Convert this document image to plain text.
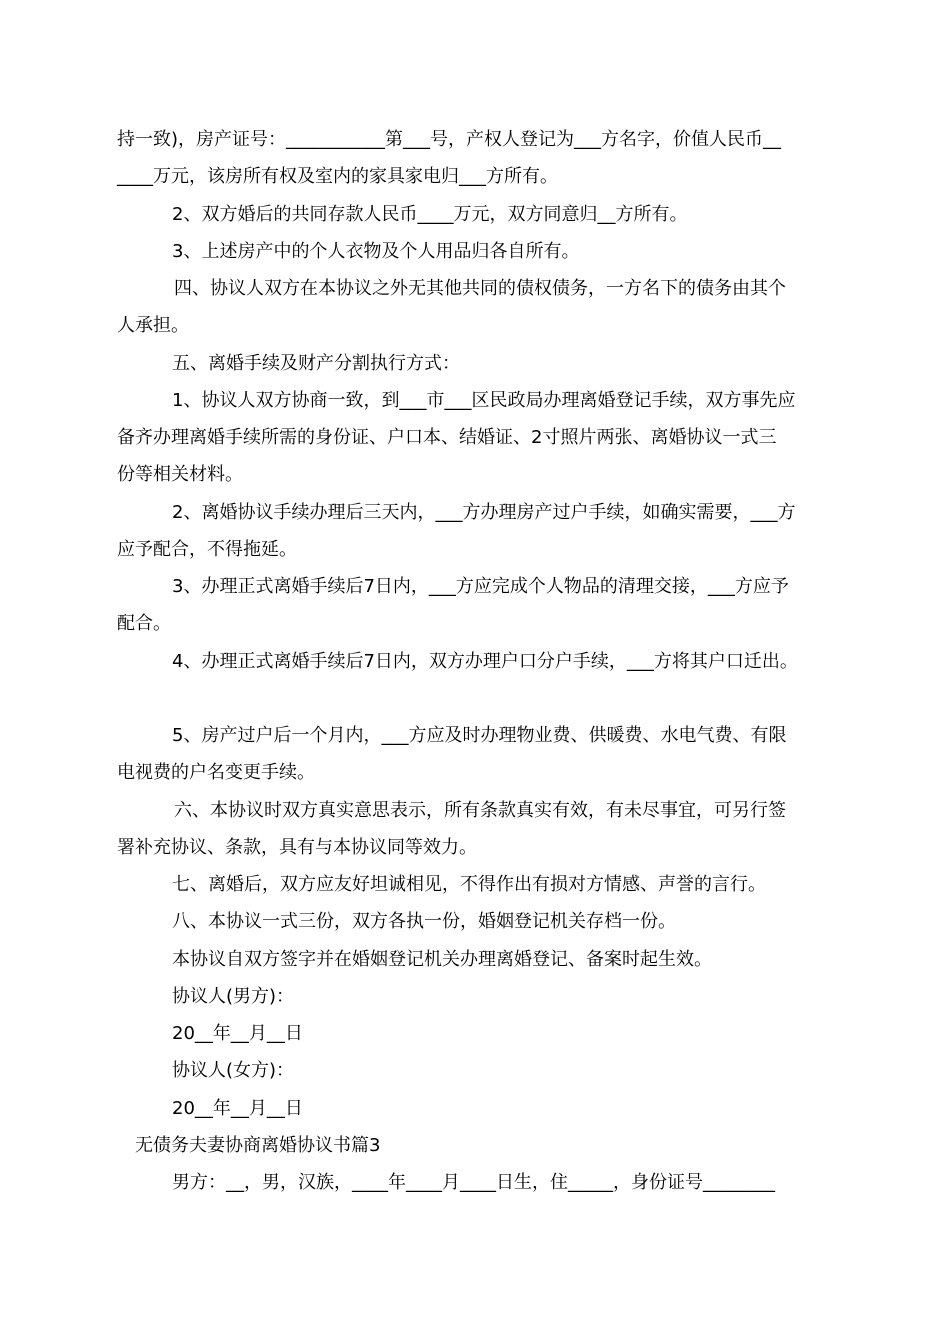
持一致)，房产证号：___________第___号，产权人登记为___方名字，价值人民币__

____万元，该房所有权及室内的家具家电归___方所有。

2、双方婚后的共同存款人民币____万元，双方同意归__方所有。

3、上述房产中的个人衣物及个人用品归各自所有。

四、协议人双方在本协议之外无其他共同的债权债务，一方名下的债务由其个

人承担。

五、离婚手续及财产分割执行方式：

1、协议人双方协商一致，到___市___区民政局办理离婚登记手续，双方事先应

备齐办理离婚手续所需的身份证、户口本、结婚证、2寸照片两张、离婚协议一式三

份等相关材料。

2、离婚协议手续办理后三天内，___方办理房产过户手续，如确实需要，___方

应予配合，不得拖延。

3、办理正式离婚手续后7日内，___方应完成个人物品的清理交接，___方应予

配合。

4、办理正式离婚手续后7日内，双方办理户口分户手续，___方将其户口迁出。

5、房产过户后一个月内，___方应及时办理物业费、供暖费、水电气费、有限

电视费的户名变更手续。

六、本协议时双方真实意思表示，所有条款真实有效，有未尽事宜，可另行签

署补充协议、条款，具有与本协议同等效力。

七、离婚后，双方应友好坦诚相见，不得作出有损对方情感、声誉的言行。

八、本协议一式三份，双方各执一份，婚姻登记机关存档一份。

本协议自双方签字并在婚姻登记机关办理离婚登记、备案时起生效。

协议人(男方)：

20__年__月__日

协议人(女方)：

20__年__月__日

无债务夫妻协商离婚协议书篇3

男方：__，男，汉族，____年____月____日生，住_____，身份证号________
